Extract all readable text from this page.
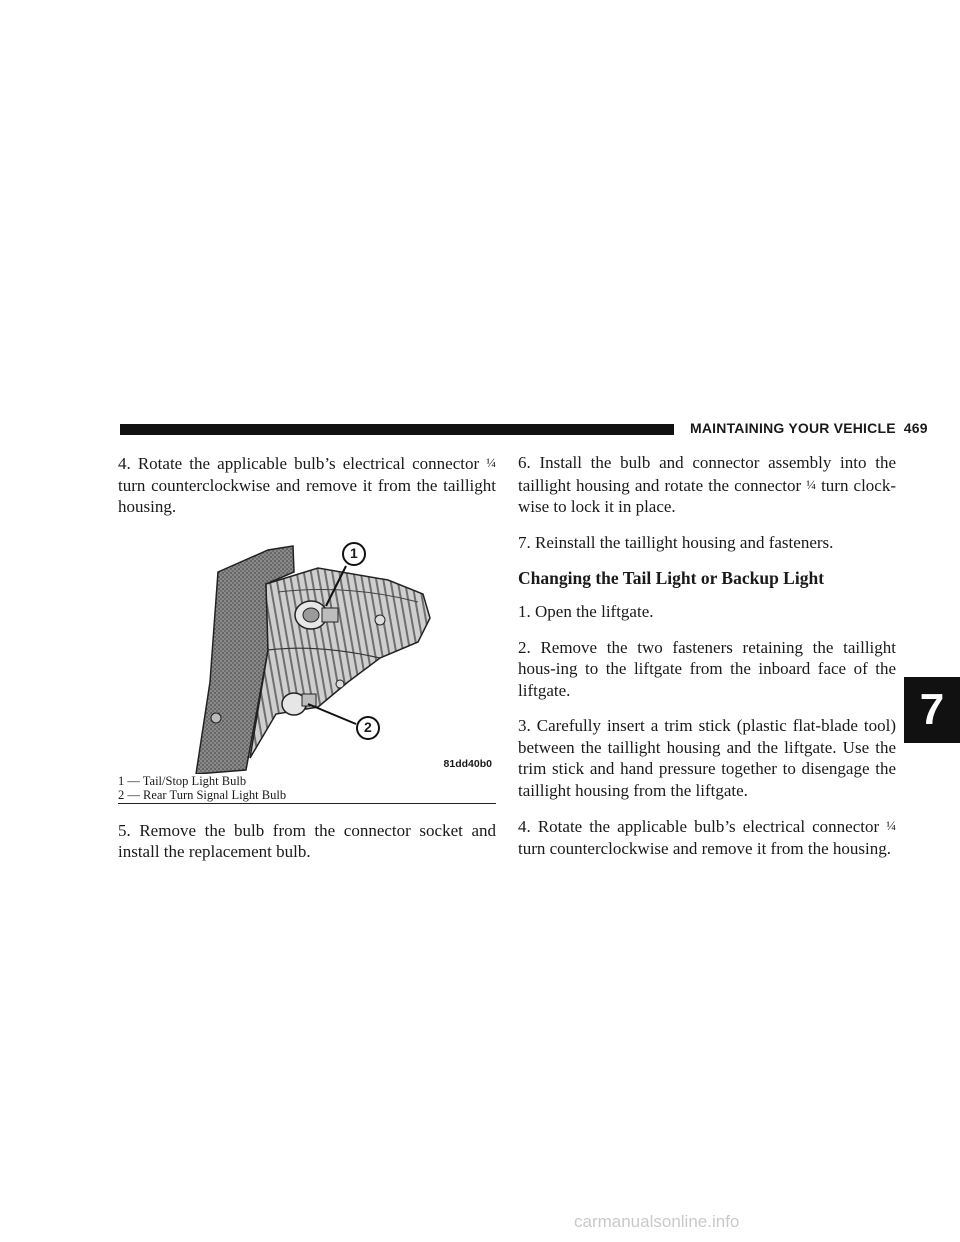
MAINTAINING YOUR VEHICLE 469

4. Rotate the applicable bulb’s electrical connector ¼ turn counterclockwise and remove it from the taillight housing.

1
2
81dd40b0
1 — Tail/Stop Light Bulb
2 — Rear Turn Signal Light Bulb

5. Remove the bulb from the connector socket and install the replacement bulb.

6. Install the bulb and connector assembly into the taillight housing and rotate the connector ¼ turn clock-wise to lock it in place.

7. Reinstall the taillight housing and fasteners.

Changing the Tail Light or Backup Light

1. Open the liftgate.

2. Remove the two fasteners retaining the taillight hous-ing to the liftgate from the inboard face of the liftgate.

3. Carefully insert a trim stick (plastic flat-blade tool) between the taillight housing and the liftgate. Use the trim stick and hand pressure together to disengage the taillight housing from the liftgate.

4. Rotate the applicable bulb’s electrical connector ¼ turn counterclockwise and remove it from the housing.

7
carmanualsonline.info
